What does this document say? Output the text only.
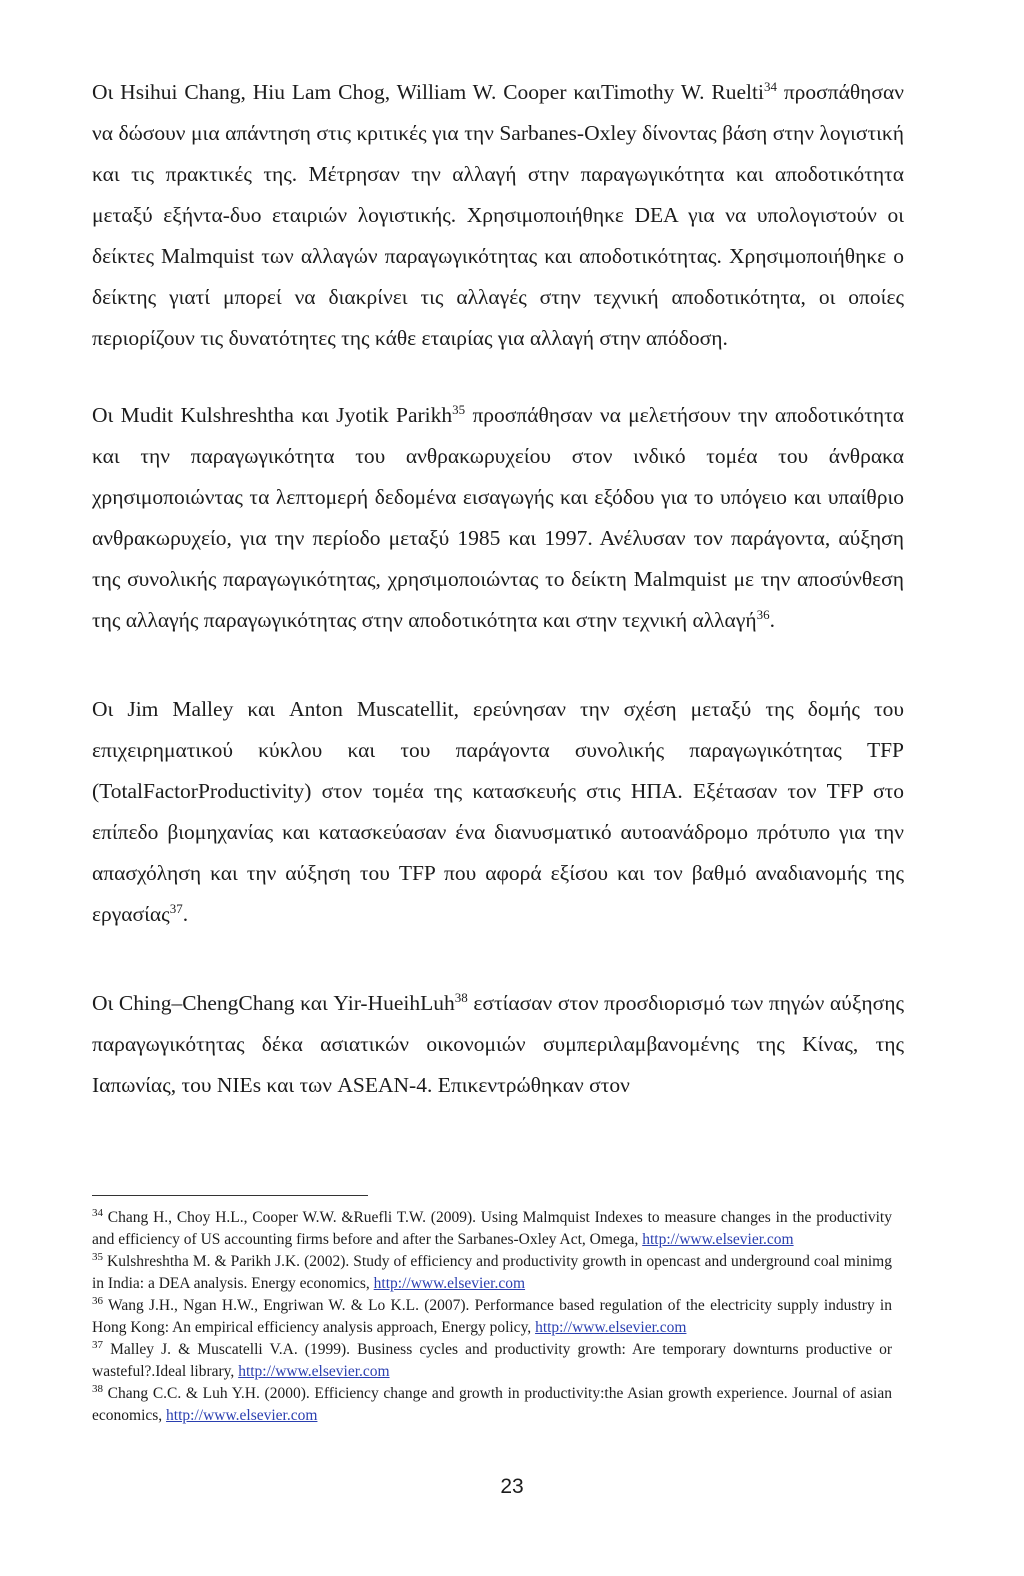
Οι Hsihui Chang, Hiu Lam Chog, William W. Cooper καιTimothy W. Ruelti$^{34}$ προσπάθησαν να δώσουν μια απάντηση στις κριτικές για την Sarbanes-Oxley δίνοντας βάση στην λογιστική και τις πρακτικές της. Μέτρησαν την αλλαγή στην παραγωγικότητα και αποδοτικότητα μεταξύ εξήντα-δυο εταιριών λογιστικής. Χρησιμοποιήθηκε DEA για να υπολογιστούν οι δείκτες Malmquist των αλλαγών παραγωγικότητας και αποδοτικότητας. Χρησιμοποιήθηκε ο δείκτης γιατί μπορεί να διακρίνει τις αλλαγές στην τεχνική αποδοτικότητα, οι οποίες περιορίζουν τις δυνατότητες της κάθε εταιρίας για αλλαγή στην απόδοση.

Οι Mudit Kulshreshtha και Jyotik Parikh$^{35}$ προσπάθησαν να μελετήσουν την αποδοτικότητα και την παραγωγικότητα του ανθρακωρυχείου στον ινδικό τομέα του άνθρακα χρησιμοποιώντας τα λεπτομερή δεδομένα εισαγωγής και εξόδου για το υπόγειο και υπαίθριο ανθρακωρυχείο, για την περίοδο μεταξύ 1985 και 1997. Ανέλυσαν τον παράγοντα, αύξηση της συνολικής παραγωγικότητας, χρησιμοποιώντας το δείκτη Malmquist με την αποσύνθεση της αλλαγής παραγωγικότητας στην αποδοτικότητα και στην τεχνική αλλαγή$^{36}$.

Οι Jim Malley και Anton Muscatellit, ερεύνησαν την σχέση μεταξύ της δομής του επιχειρηματικού κύκλου και του παράγοντα συνολικής παραγωγικότητας TFP (TotalFactorProductivity) στον τομέα της κατασκευής στις ΗΠΑ. Εξέτασαν τον TFP στο επίπεδο βιομηχανίας και κατασκεύασαν ένα διανυσματικό αυτοανάδρομο πρότυπο για την απασχόληση και την αύξηση του TFP που αφορά εξίσου και τον βαθμό αναδιανομής της εργασίας$^{37}$.

Οι Ching–ChengChang και Yir-HueihLuh$^{38}$ εστίασαν στον προσδιορισμό των πηγών αύξησης παραγωγικότητας δέκα ασιατικών οικονομιών συμπεριλαμβανομένης της Κίνας, της Ιαπωνίας, του NIEs και των ASEAN-4. Επικεντρώθηκαν στον

$^{34}$ Chang H., Choy H.L., Cooper W.W. &Ruefli T.W. (2009). Using Malmquist Indexes to measure changes in the productivity and efficiency of US accounting firms before and after the Sarbanes-Oxley Act, Omega, http://www.elsevier.com

$^{35}$ Kulshreshtha M. & Parikh J.K. (2002). Study of efficiency and productivity growth in opencast and underground coal minimg in India: a DEA analysis. Energy economics, http://www.elsevier.com

$^{36}$ Wang J.H., Ngan H.W., Engriwan W. & Lo K.L. (2007). Performance based regulation of the electricity supply industry in Hong Kong: An empirical efficiency analysis approach, Energy policy, http://www.elsevier.com

$^{37}$ Malley J. & Muscatelli V.A. (1999). Business cycles and productivity growth: Are temporary downturns productive or wasteful?.Ideal library, http://www.elsevier.com

$^{38}$ Chang C.C. & Luh Y.H. (2000). Efficiency change and growth in productivity:the Asian growth experience. Journal of asian economics, http://www.elsevier.com

23
